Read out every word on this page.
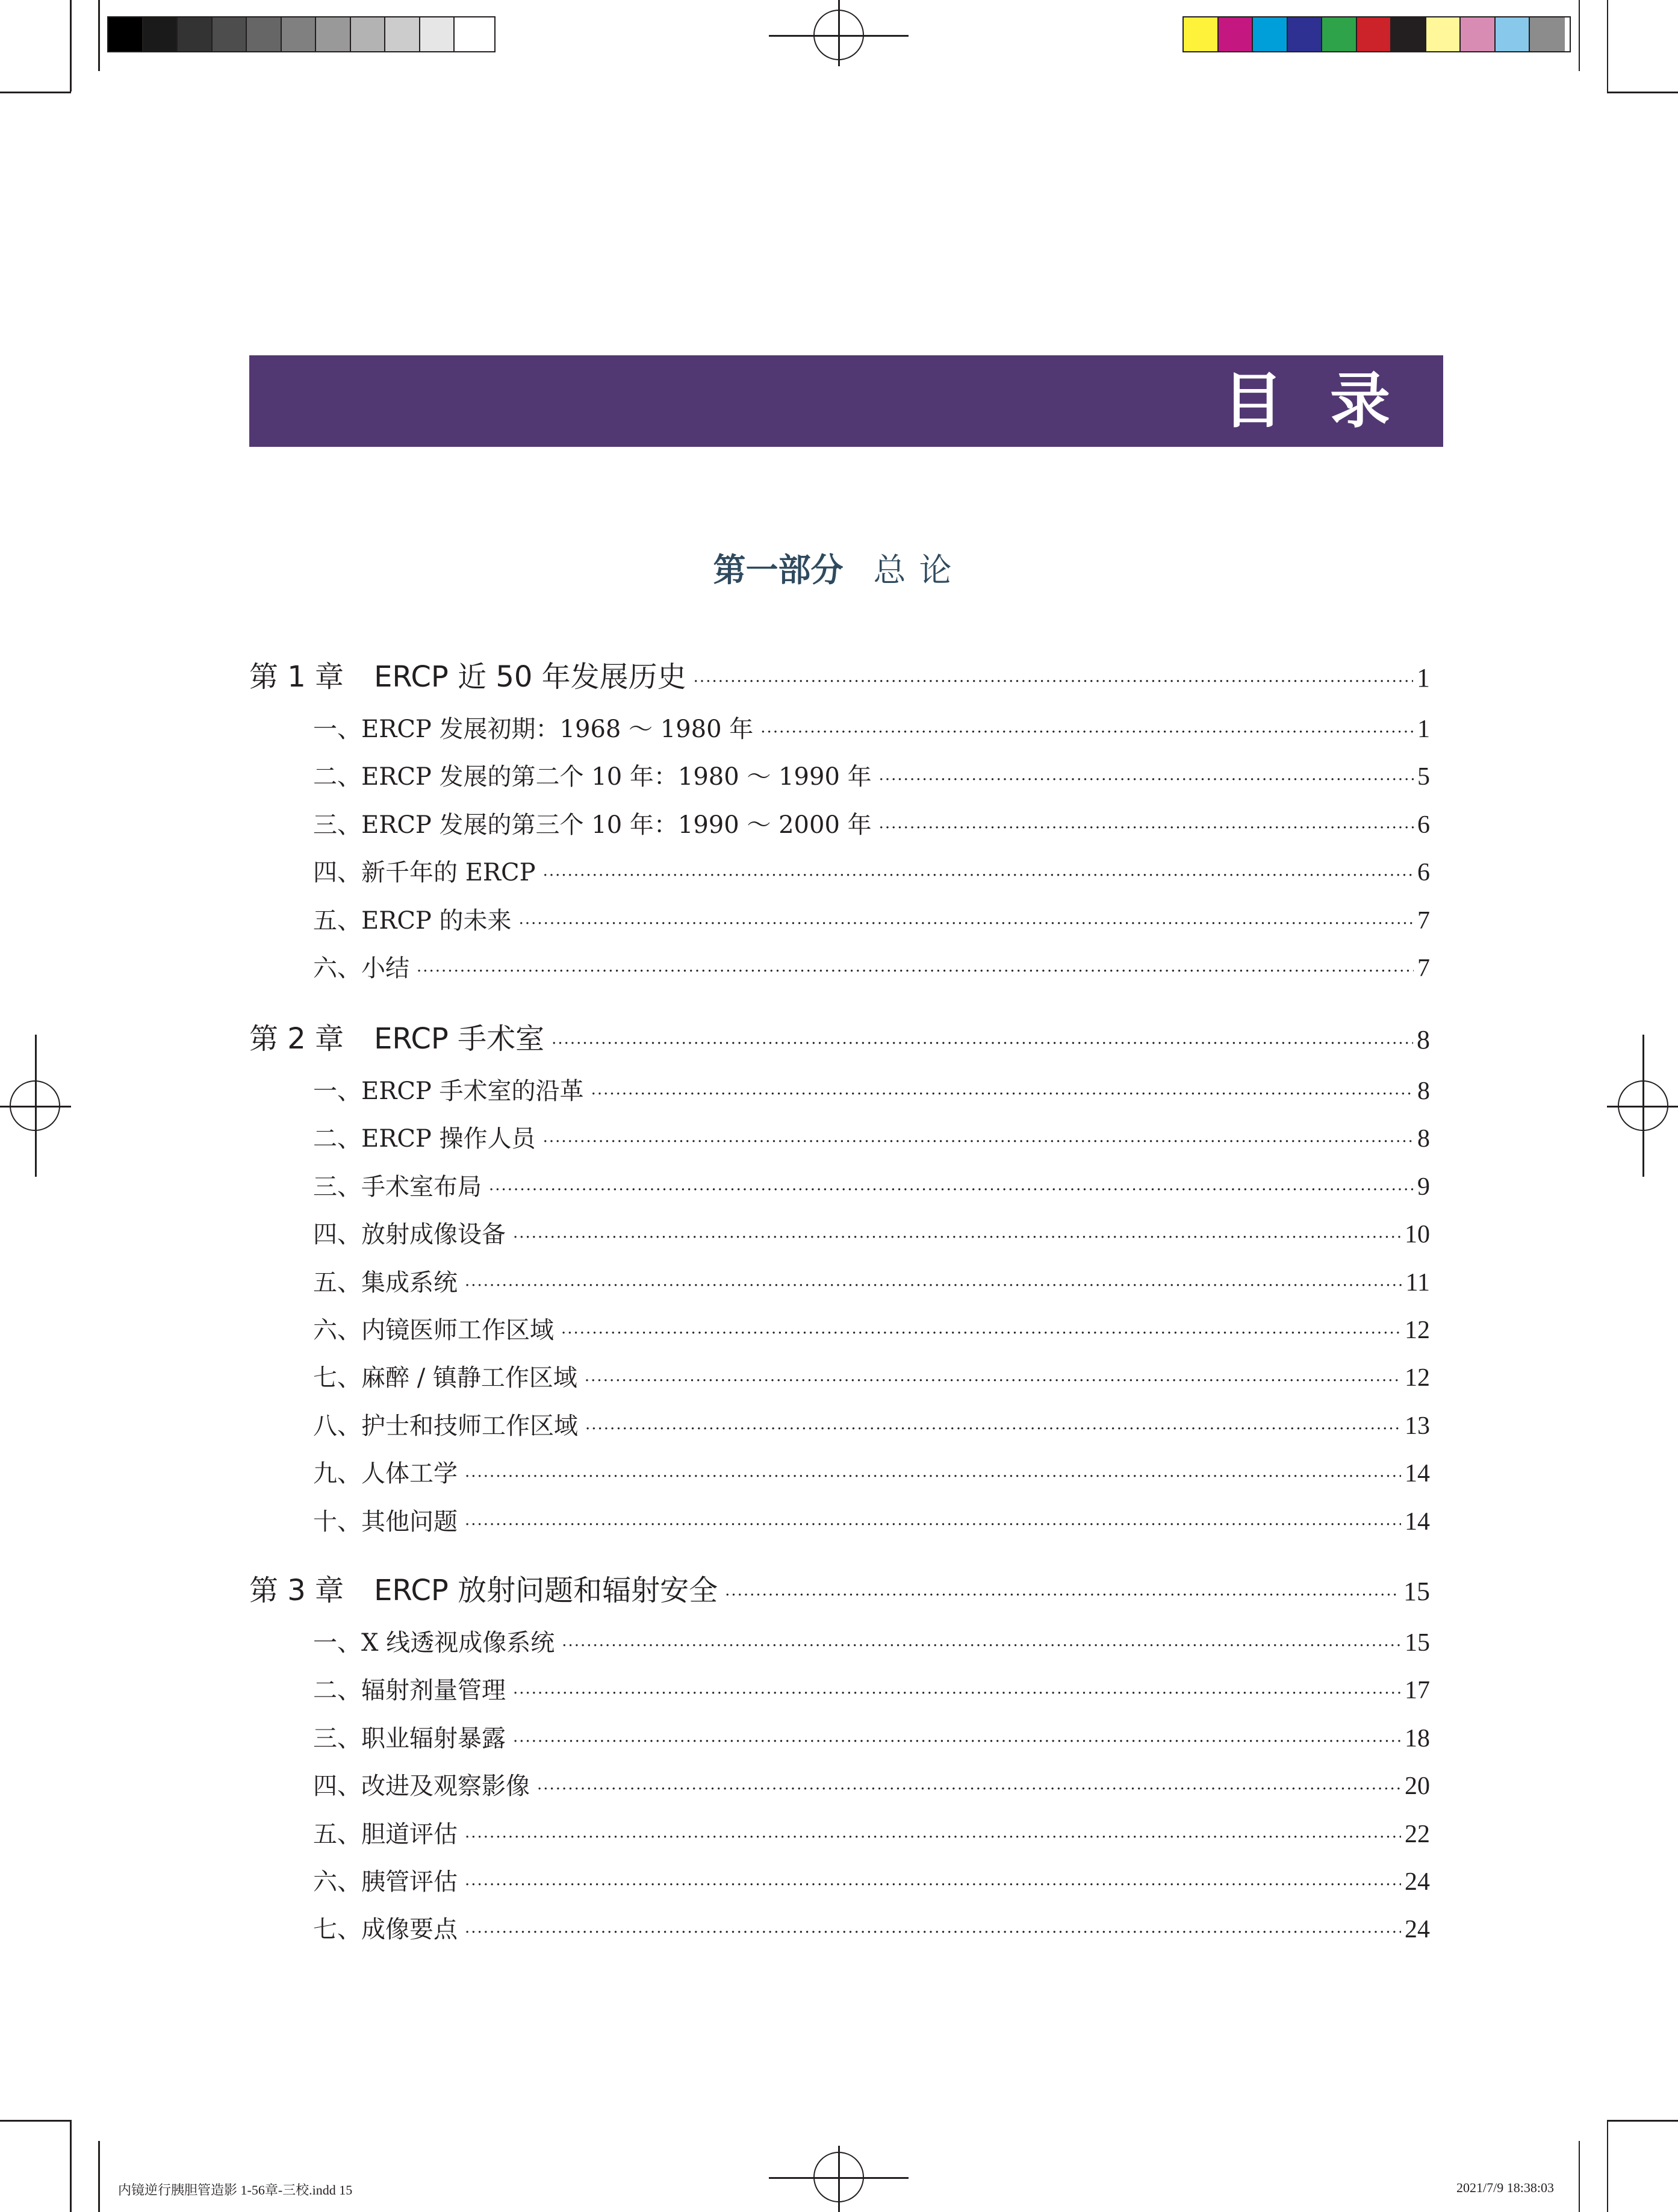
目录
第一部分 总论
第 1 章 ERCP 近 50 年发展历史 ·····	1
一、ERCP 发展初期：1968 ～ 1980 年 ·····	1
二、ERCP 发展的第二个 10 年：1980 ～ 1990 年 ·····	5
三、ERCP 发展的第三个 10 年：1990 ～ 2000 年 ·····	6
四、新千年的 ERCP ·····	6
五、ERCP 的未来 ·····	7
六、小结 ·····	7
第 2 章 ERCP 手术室 ·····	8
一、ERCP 手术室的沿革 ·····	8
二、ERCP 操作人员 ·····	8
三、手术室布局 ·····	9
四、放射成像设备 ·····	10
五、集成系统 ·····	11
六、内镜医师工作区域 ·····	12
七、麻醉 / 镇静工作区域 ·····	12
八、护士和技师工作区域 ·····	13
九、人体工学 ·····	14
十、其他问题 ·····	14
第 3 章 ERCP 放射问题和辐射安全 ·····	15
一、X 线透视成像系统 ·····	15
二、辐射剂量管理 ·····	17
三、职业辐射暴露 ·····	18
四、改进及观察影像 ·····	20
五、胆道评估 ·····	22
六、胰管评估 ·····	24
七、成像要点 ·····	24
内镜逆行胰胆管造影 1-56章-三校.indd 15	2021/7/9 18:38:03
